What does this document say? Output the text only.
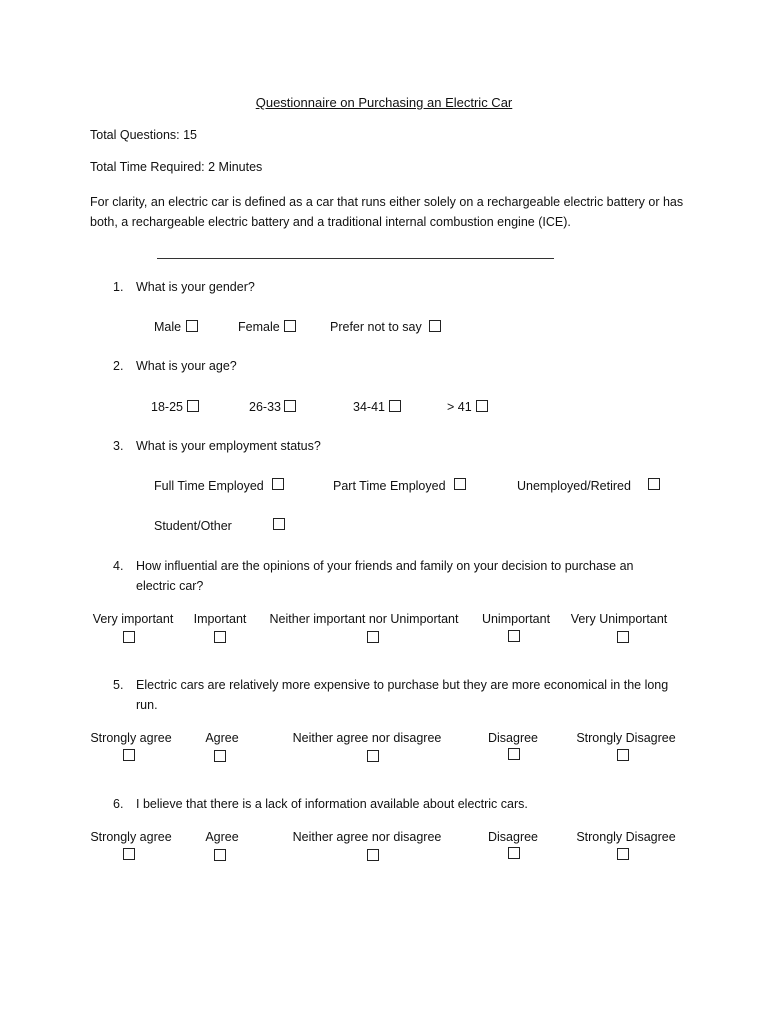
Questionnaire on Purchasing an Electric Car
Total Questions: 15
Total Time Required: 2 Minutes
For clarity, an electric car is defined as a car that runs either solely on a rechargeable electric battery or has both, a rechargeable electric battery and a traditional internal combustion engine (ICE).
1. What is your gender?
Male	Female	Prefer not to say
2. What is your age?
18-25	26-33	34-41	> 41
3. What is your employment status?
Full Time Employed	Part Time Employed	Unemployed/Retired
Student/Other
4. How influential are the opinions of your friends and family on your decision to purchase an electric car?
Very important Important Neither important nor Unimportant Unimportant Very Unimportant
5. Electric cars are relatively more expensive to purchase but they are more economical in the long run.
Strongly agree	Agree	Neither agree nor disagree	Disagree	Strongly Disagree
6. I believe that there is a lack of information available about electric cars.
Strongly agree	Agree	Neither agree nor disagree	Disagree	Strongly Disagree
